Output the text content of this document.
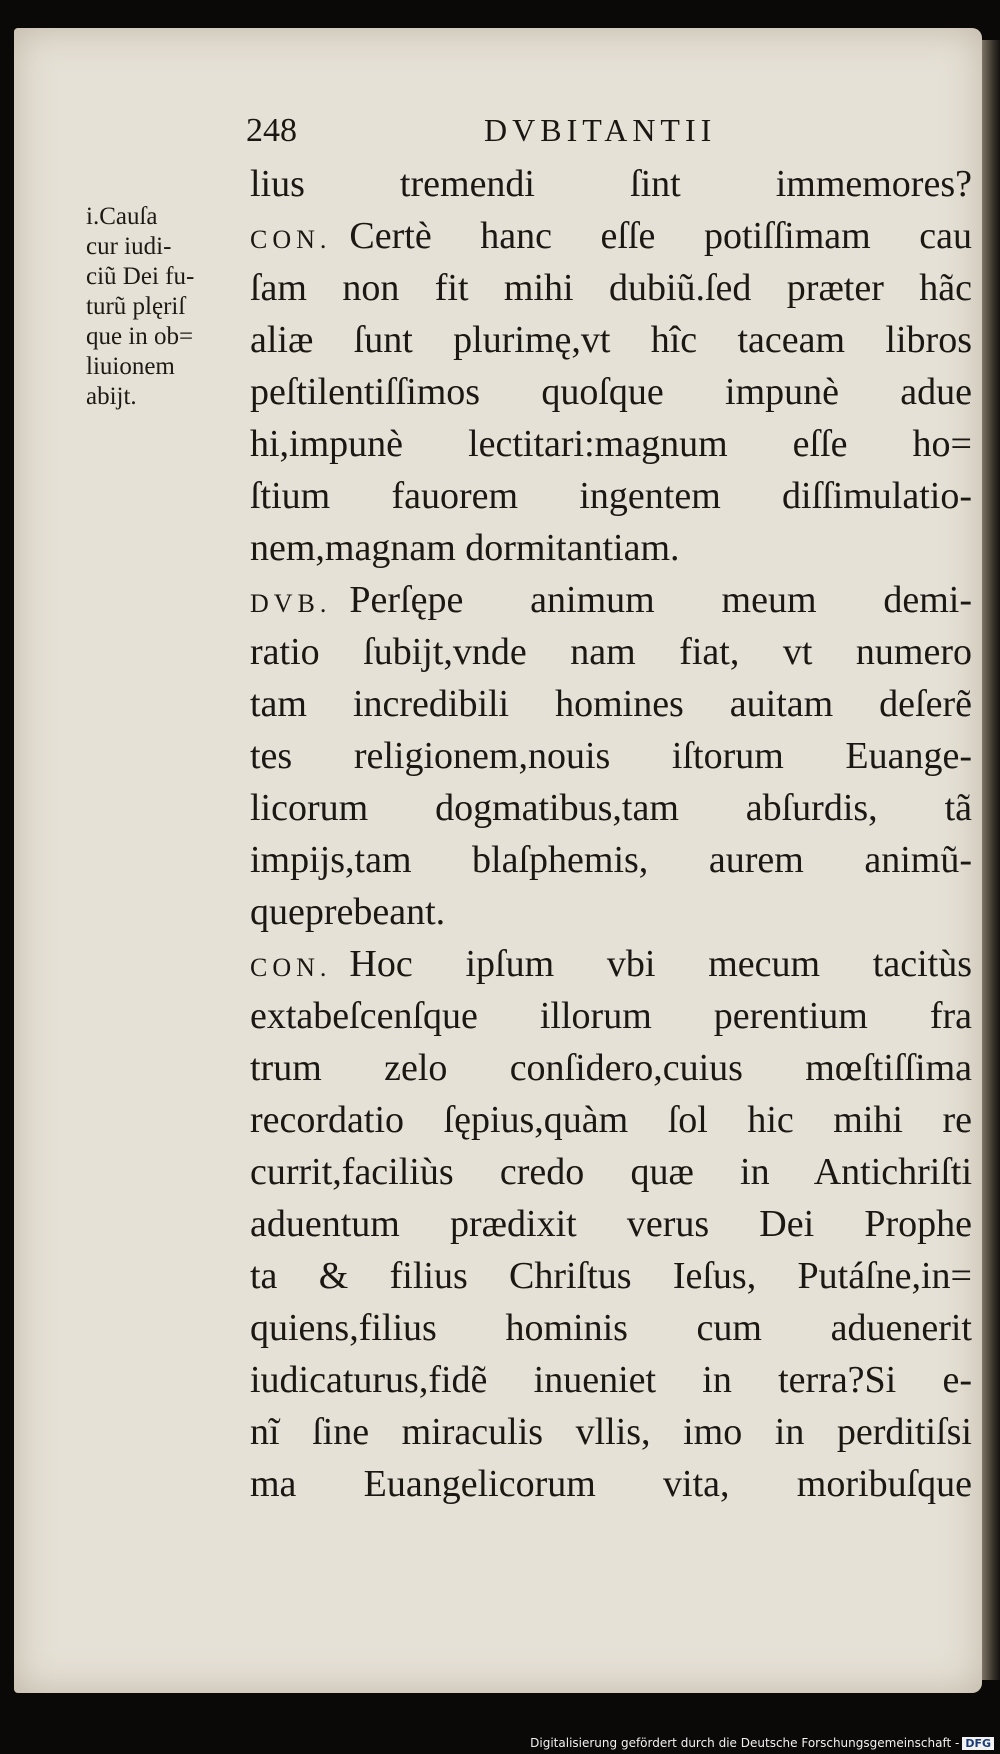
248	DVBITANTII
i.Cauſa
cur iudi-
ciũ Dei fu-
turũ plęriſ
que in ob=
liuionem
abijt.
lius tremendi ſint immemores?
CON. Certè hanc eſſe potiſſimam cau
ſam non fit mihi dubiũ.ſed præter hãc
aliæ ſunt plurimę,vt hîc taceam libros
peſtilentiſſimos quoſque impunè adue
hi,impunè lectitari:magnum eſſe ho=
ſtium fauorem ingentem diſſimulatio-
nem,magnam dormitantiam.
DVB. Perſępe animum meum demi-
ratio ſubijt,vnde nam fiat, vt numero
tam incredibili homines auitam deſerẽ
tes religionem,nouis iſtorum Euange-
licorum dogmatibus,tam abſurdis, tã
impijs,tam blaſphemis, aurem animũ-
queprebeant.
CON. Hoc ipſum vbi mecum tacitùs
extabeſcenſque illorum perentium fra
trum zelo conſidero,cuius mœſtiſſima
recordatio ſępius,quàm ſol hic mihi re
currit,faciliùs credo quæ in Antichriſti
aduentum prædixit verus Dei Prophe
ta & filius Chriſtus Ieſus, Putáſne,in=
quiens,filius hominis cum aduenerit
iudicaturus,fidẽ inueniet in terra?Si e-
nĩ ſine miraculis vllis, imo in perditiſsi
ma Euangelicorum vita, moribuſque
Digitalisierung gefördert durch die Deutsche Forschungsgemeinschaft - DFG
